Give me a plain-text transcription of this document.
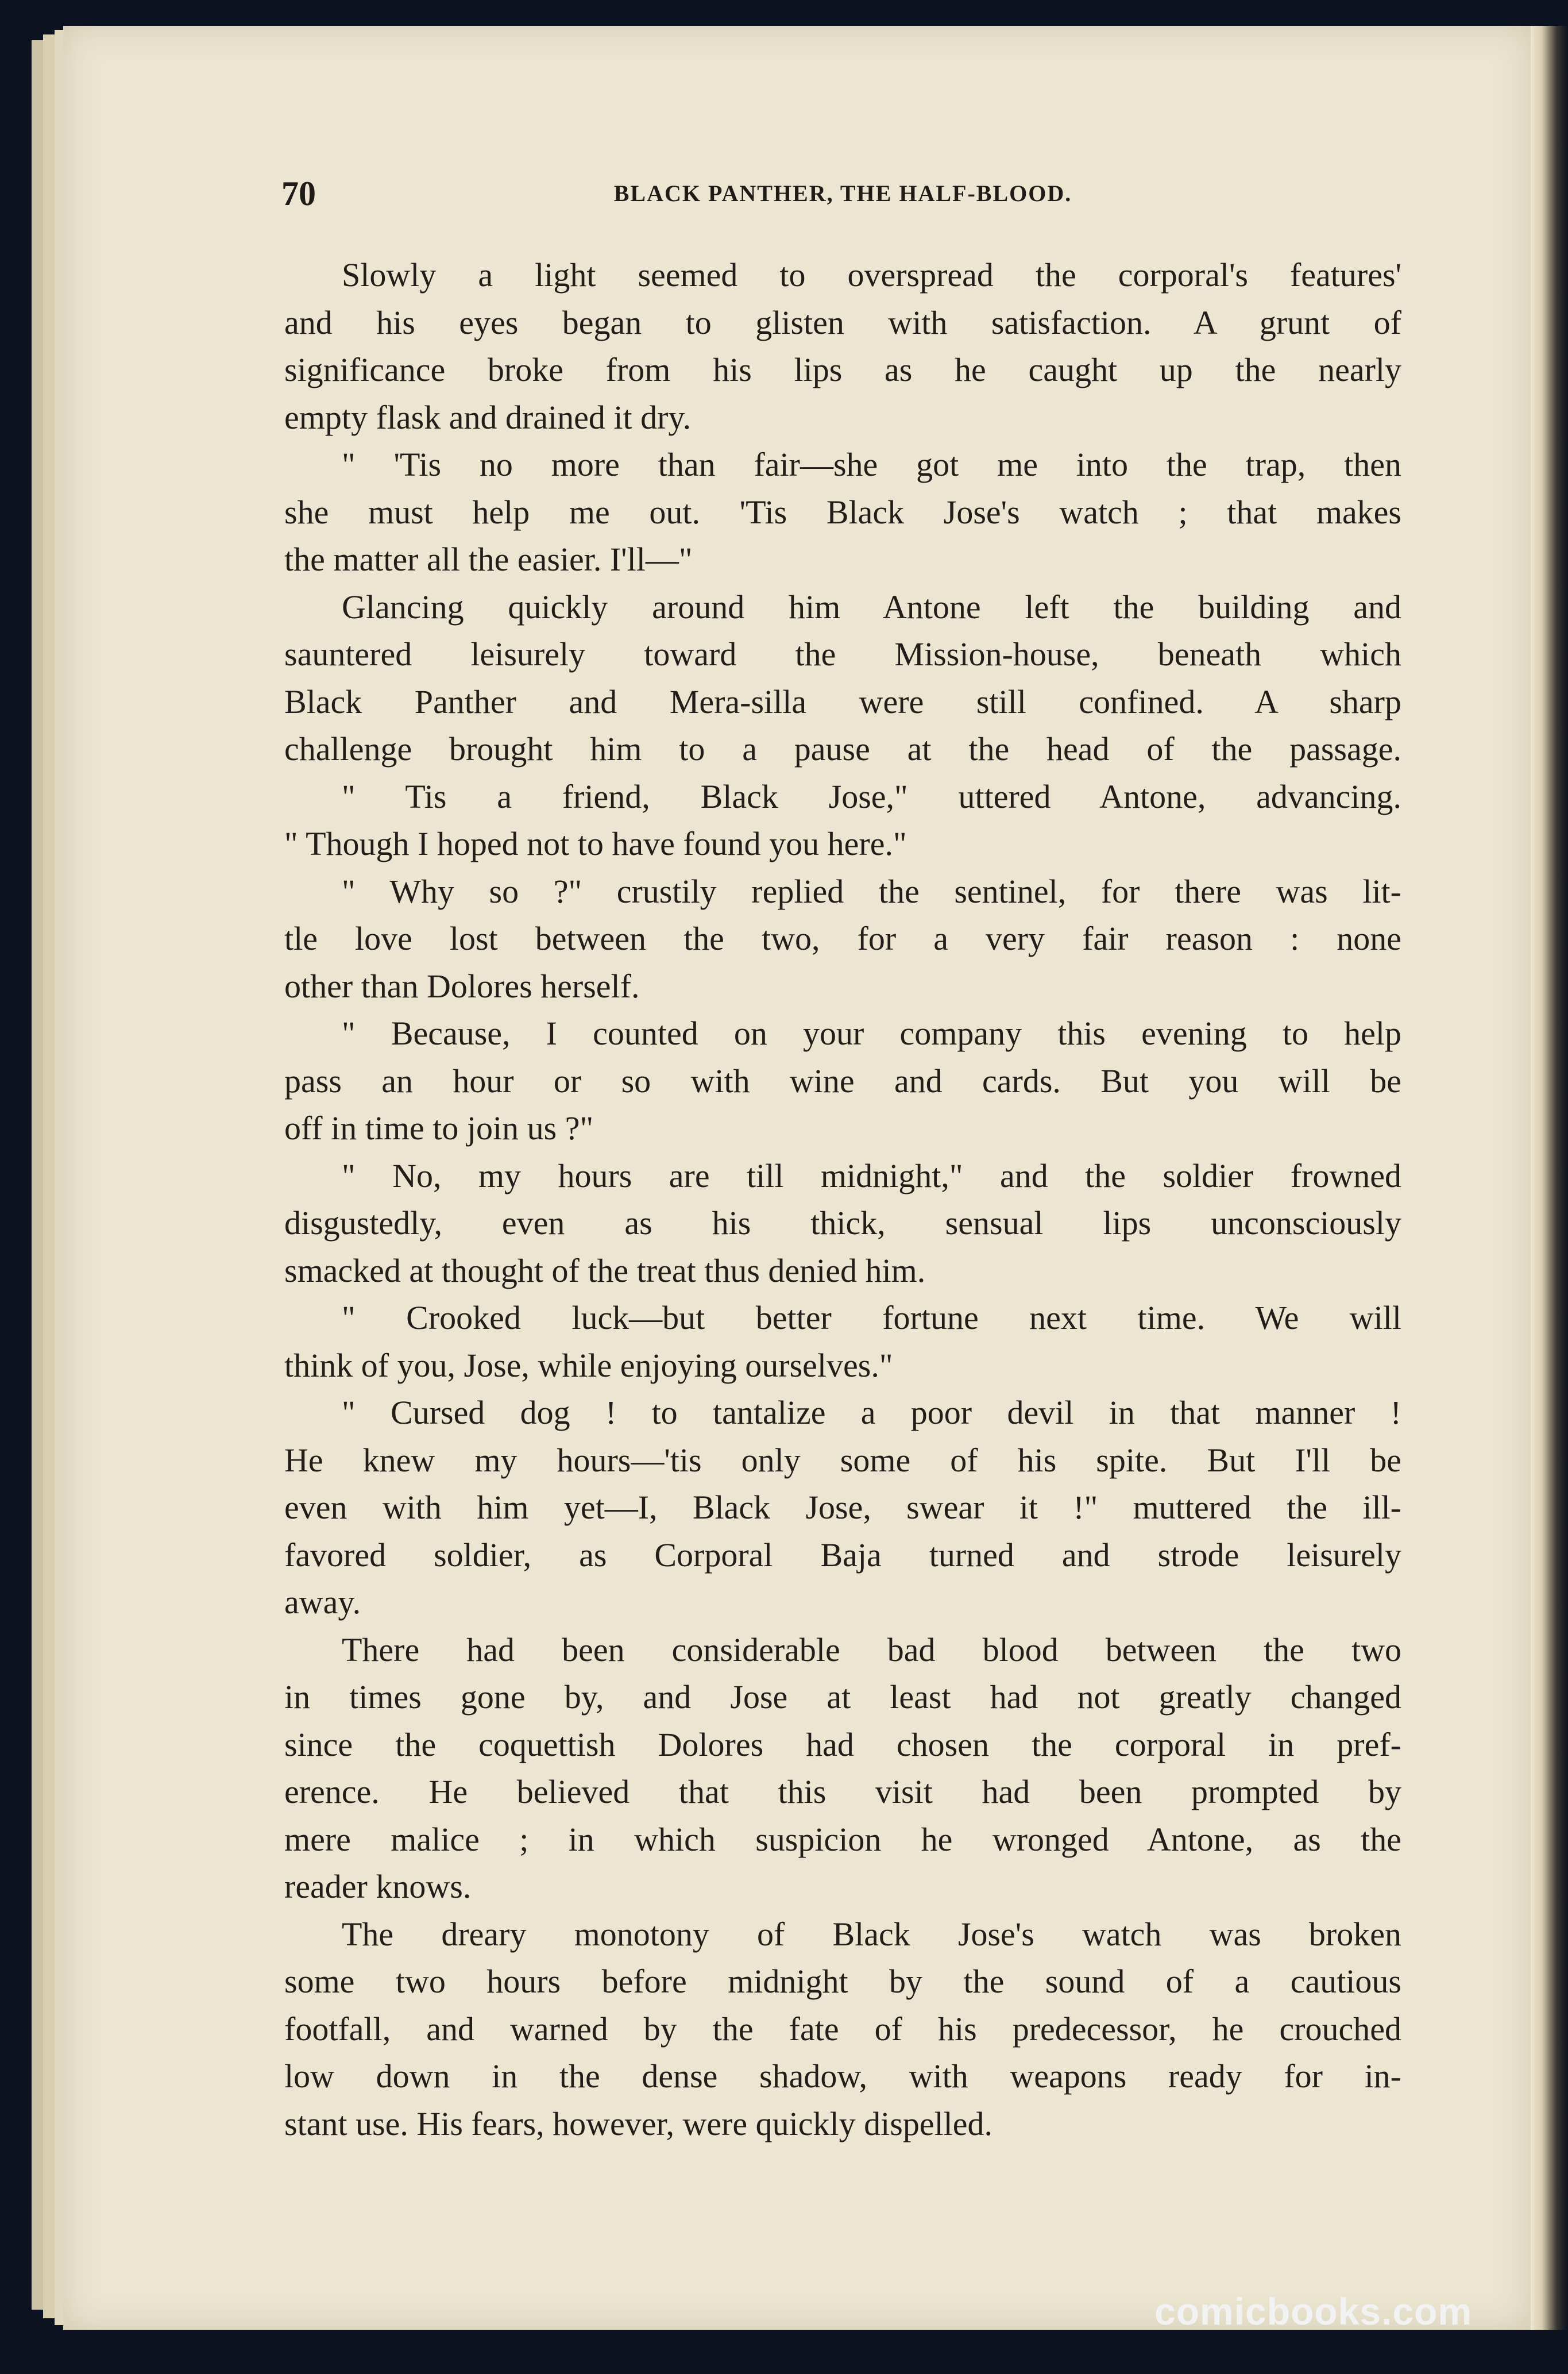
70	BLACK PANTHER, THE HALF-BLOOD.
Slowly a light seemed to overspread the corporal's features'
and his eyes began to glisten with satisfaction. A grunt of
significance broke from his lips as he caught up the nearly
empty flask and drained it dry.
" 'Tis no more than fair—she got me into the trap, then
she must help me out. 'Tis Black Jose's watch ; that makes
the matter all the easier. I'll—"
Glancing quickly around him Antone left the building and
sauntered leisurely toward the Mission-house, beneath which
Black Panther and Mera-silla were still confined. A sharp
challenge brought him to a pause at the head of the passage.
" Tis a friend, Black Jose," uttered Antone, advancing.
" Though I hoped not to have found you here."
" Why so ?" crustily replied the sentinel, for there was lit-
tle love lost between the two, for a very fair reason : none
other than Dolores herself.
" Because, I counted on your company this evening to help
pass an hour or so with wine and cards. But you will be
off in time to join us ?"
" No, my hours are till midnight," and the soldier frowned
disgustedly, even as his thick, sensual lips unconsciously
smacked at thought of the treat thus denied him.
" Crooked luck—but better fortune next time. We will
think of you, Jose, while enjoying ourselves."
" Cursed dog ! to tantalize a poor devil in that manner !
He knew my hours—'tis only some of his spite. But I'll be
even with him yet—I, Black Jose, swear it !" muttered the ill-
favored soldier, as Corporal Baja turned and strode leisurely
away.
There had been considerable bad blood between the two
in times gone by, and Jose at least had not greatly changed
since the coquettish Dolores had chosen the corporal in pref-
erence. He believed that this visit had been prompted by
mere malice ; in which suspicion he wronged Antone, as the
reader knows.
The dreary monotony of Black Jose's watch was broken
some two hours before midnight by the sound of a cautious
footfall, and warned by the fate of his predecessor, he crouched
low down in the dense shadow, with weapons ready for in-
stant use. His fears, however, were quickly dispelled.
comicbooks.com
